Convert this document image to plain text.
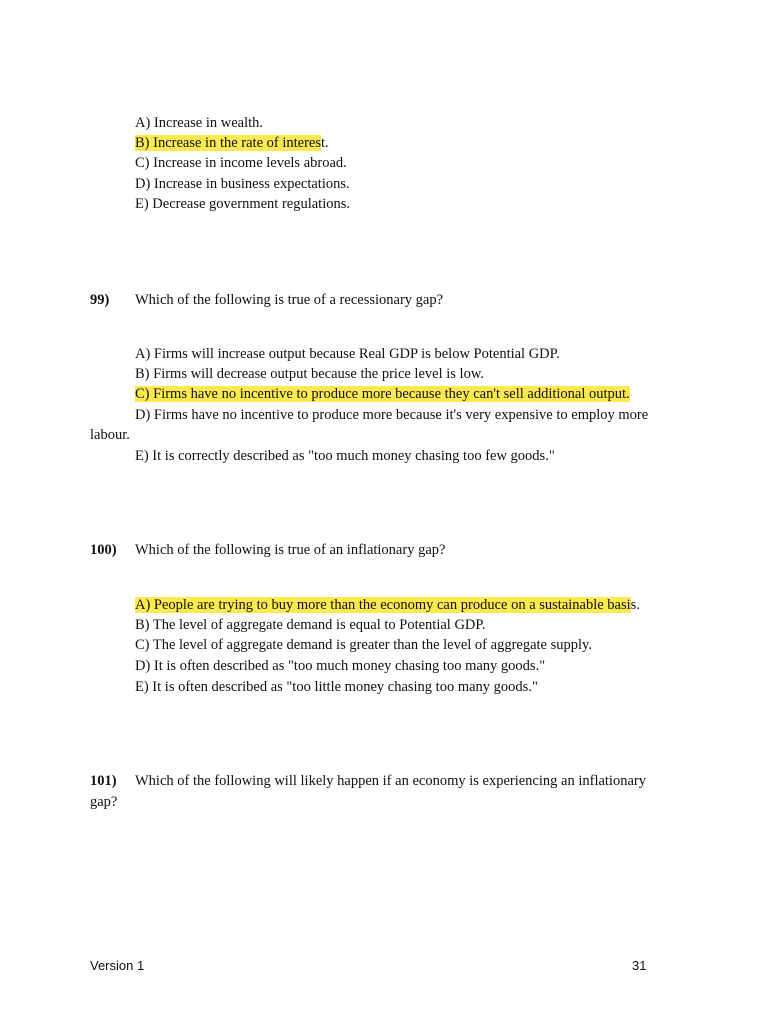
A) Increase in wealth.
B) Increase in the rate of interest.
C) Increase in income levels abroad.
D) Increase in business expectations.
E) Decrease government regulations.
99) Which of the following is true of a recessionary gap?
A) Firms will increase output because Real GDP is below Potential GDP.
B) Firms will decrease output because the price level is low.
C) Firms have no incentive to produce more because they can't sell additional output.
D) Firms have no incentive to produce more because it's very expensive to employ more
labour.
E) It is correctly described as "too much money chasing too few goods."
100) Which of the following is true of an inflationary gap?
A) People are trying to buy more than the economy can produce on a sustainable basis.
B) The level of aggregate demand is equal to Potential GDP.
C) The level of aggregate demand is greater than the level of aggregate supply.
D) It is often described as "too much money chasing too many goods."
E) It is often described as "too little money chasing too many goods."
101) Which of the following will likely happen if an economy is experiencing an inflationary
gap?
Version 1	31
